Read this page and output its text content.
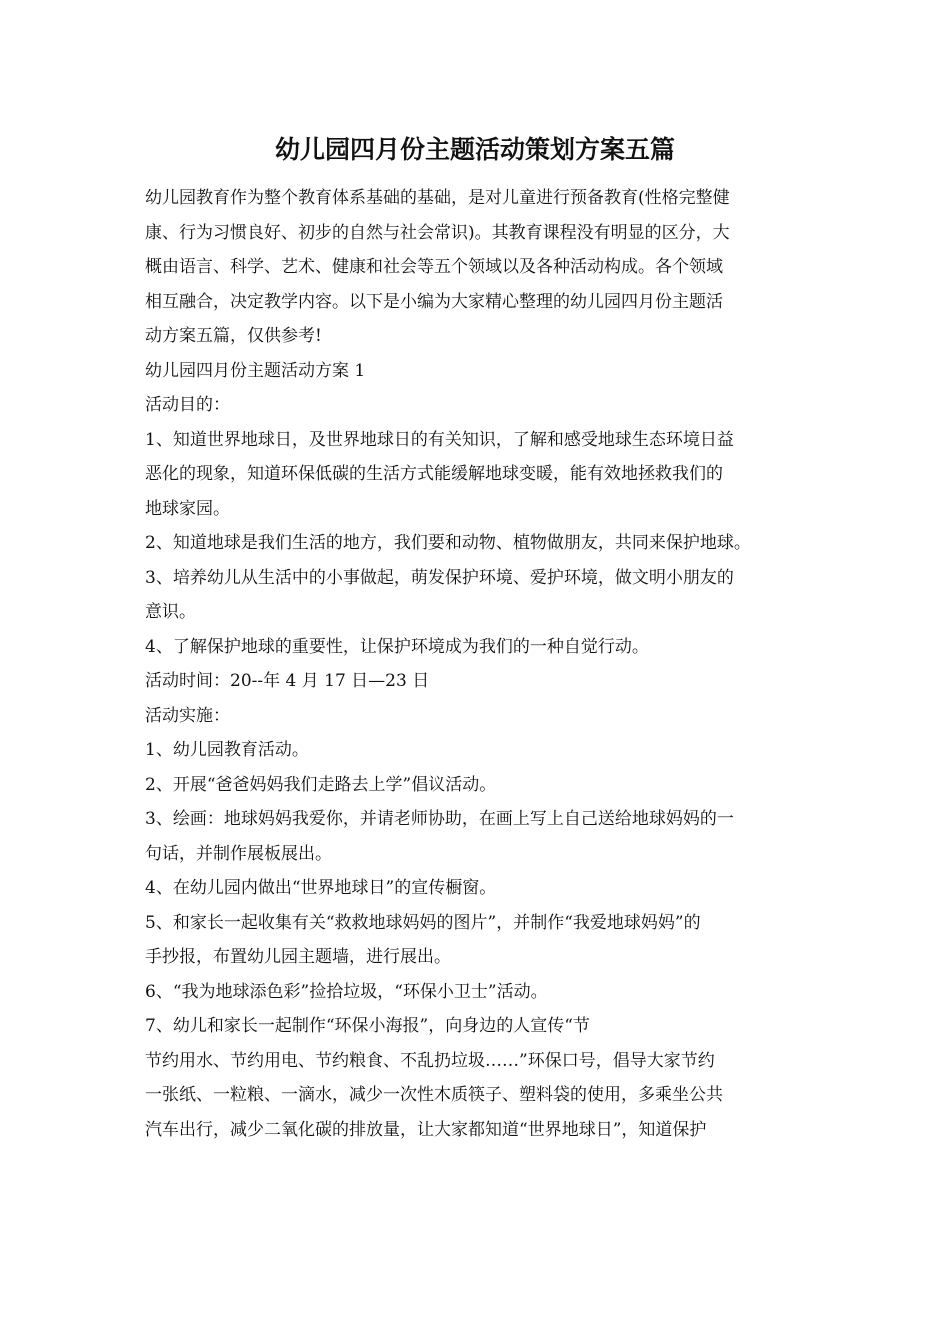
幼儿园四月份主题活动策划方案五篇
幼儿园教育作为整个教育体系基础的基础，是对儿童进行预备教育(性格完整健
康、行为习惯良好、初步的自然与社会常识)。其教育课程没有明显的区分，大
概由语言、科学、艺术、健康和社会等五个领域以及各种活动构成。各个领域
相互融合，决定教学内容。以下是小编为大家精心整理的幼儿园四月份主题活
动方案五篇，仅供参考!
幼儿园四月份主题活动方案 1
活动目的：
1、知道世界地球日，及世界地球日的有关知识，了解和感受地球生态环境日益
恶化的现象，知道环保低碳的生活方式能缓解地球变暖，能有效地拯救我们的
地球家园。
2、知道地球是我们生活的地方，我们要和动物、植物做朋友，共同来保护地球。
3、培养幼儿从生活中的小事做起，萌发保护环境、爱护环境，做文明小朋友的
意识。
4、了解保护地球的重要性，让保护环境成为我们的一种自觉行动。
活动时间：20--年 4 月 17 日—23 日
活动实施：
1、幼儿园教育活动。
2、开展“爸爸妈妈我们走路去上学”倡议活动。
3、绘画：地球妈妈我爱你，并请老师协助，在画上写上自己送给地球妈妈的一
句话，并制作展板展出。
4、在幼儿园内做出“世界地球日”的宣传橱窗。
5、和家长一起收集有关“救救地球妈妈的图片”，并制作“我爱地球妈妈”的
手抄报，布置幼儿园主题墙，进行展出。
6、“我为地球添色彩”捡拾垃圾，“环保小卫士”活动。
7、幼儿和家长一起制作“环保小海报”，向身边的人宣传“节
节约用水、节约用电、节约粮食、不乱扔垃圾……”环保口号，倡导大家节约
一张纸、一粒粮、一滴水，减少一次性木质筷子、塑料袋的使用，多乘坐公共
汽车出行，减少二氧化碳的排放量，让大家都知道“世界地球日”，知道保护
